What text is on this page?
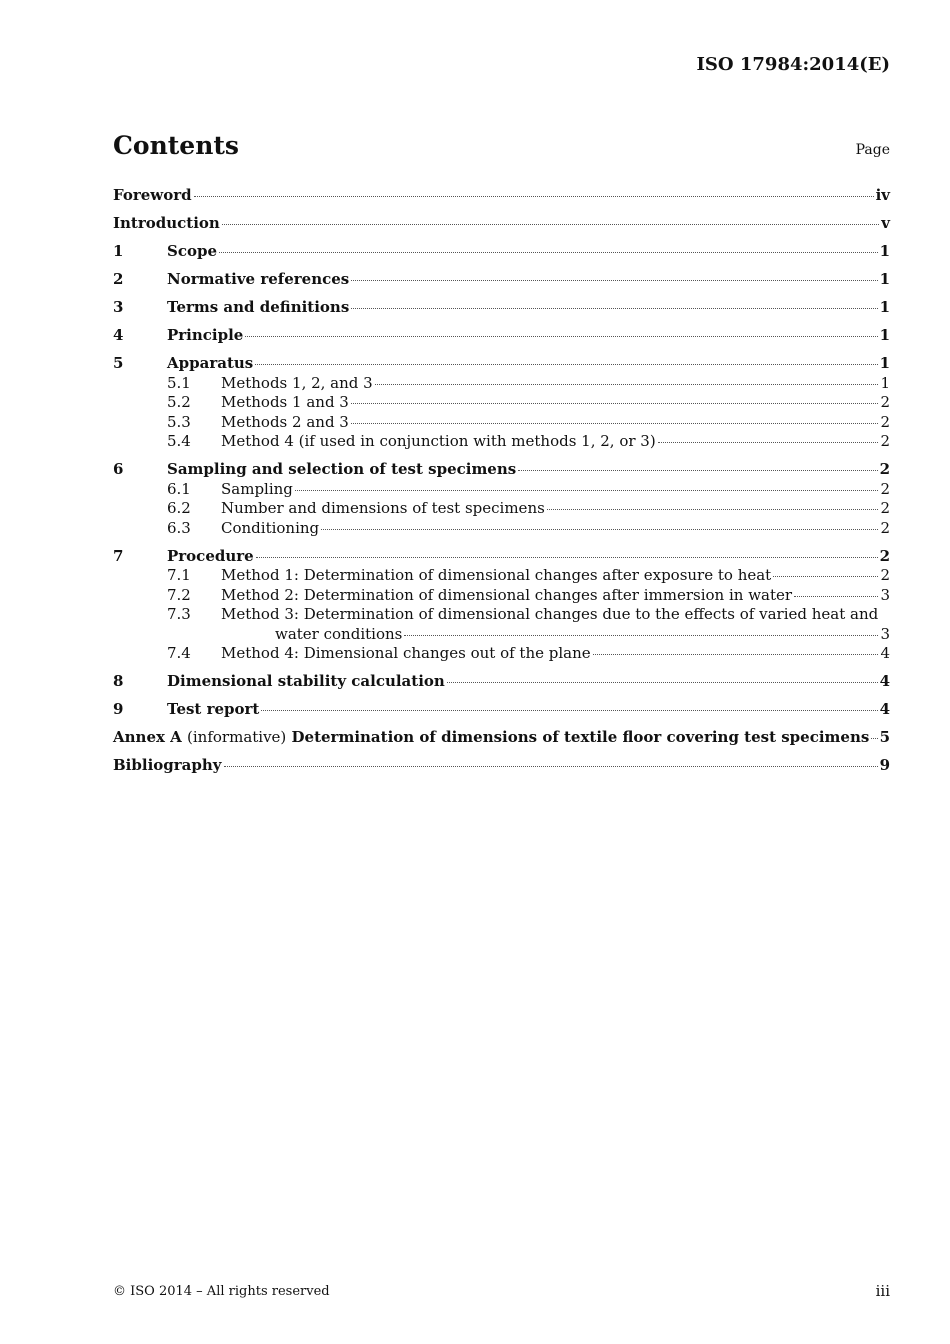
ISO 17984:2014(E)
Contents	Page
Foreword	iv
Introduction	v
1	Scope	1
2	Normative references	1
3	Terms and definitions	1
4	Principle	1
5	Apparatus	1
5.1	Methods 1, 2, and 3	1
5.2	Methods 1 and 3	2
5.3	Methods 2 and 3	2
5.4	Method 4 (if used in conjunction with methods 1, 2, or 3)	2
6	Sampling and selection of test specimens	2
6.1	Sampling	2
6.2	Number and dimensions of test specimens	2
6.3	Conditioning	2
7	Procedure	2
7.1	Method 1: Determination of dimensional changes after exposure to heat	2
7.2	Method 2: Determination of dimensional changes after immersion in water	3
7.3	Method 3: Determination of dimensional changes due to the effects of varied heat and
water conditions	3
7.4	Method 4: Dimensional changes out of the plane	4
8	Dimensional stability calculation	4
9	Test report	4
Annex A (informative) Determination of dimensions of textile floor covering test specimens 5
Bibliography	9
© ISO 2014 – All rights reserved	iii
